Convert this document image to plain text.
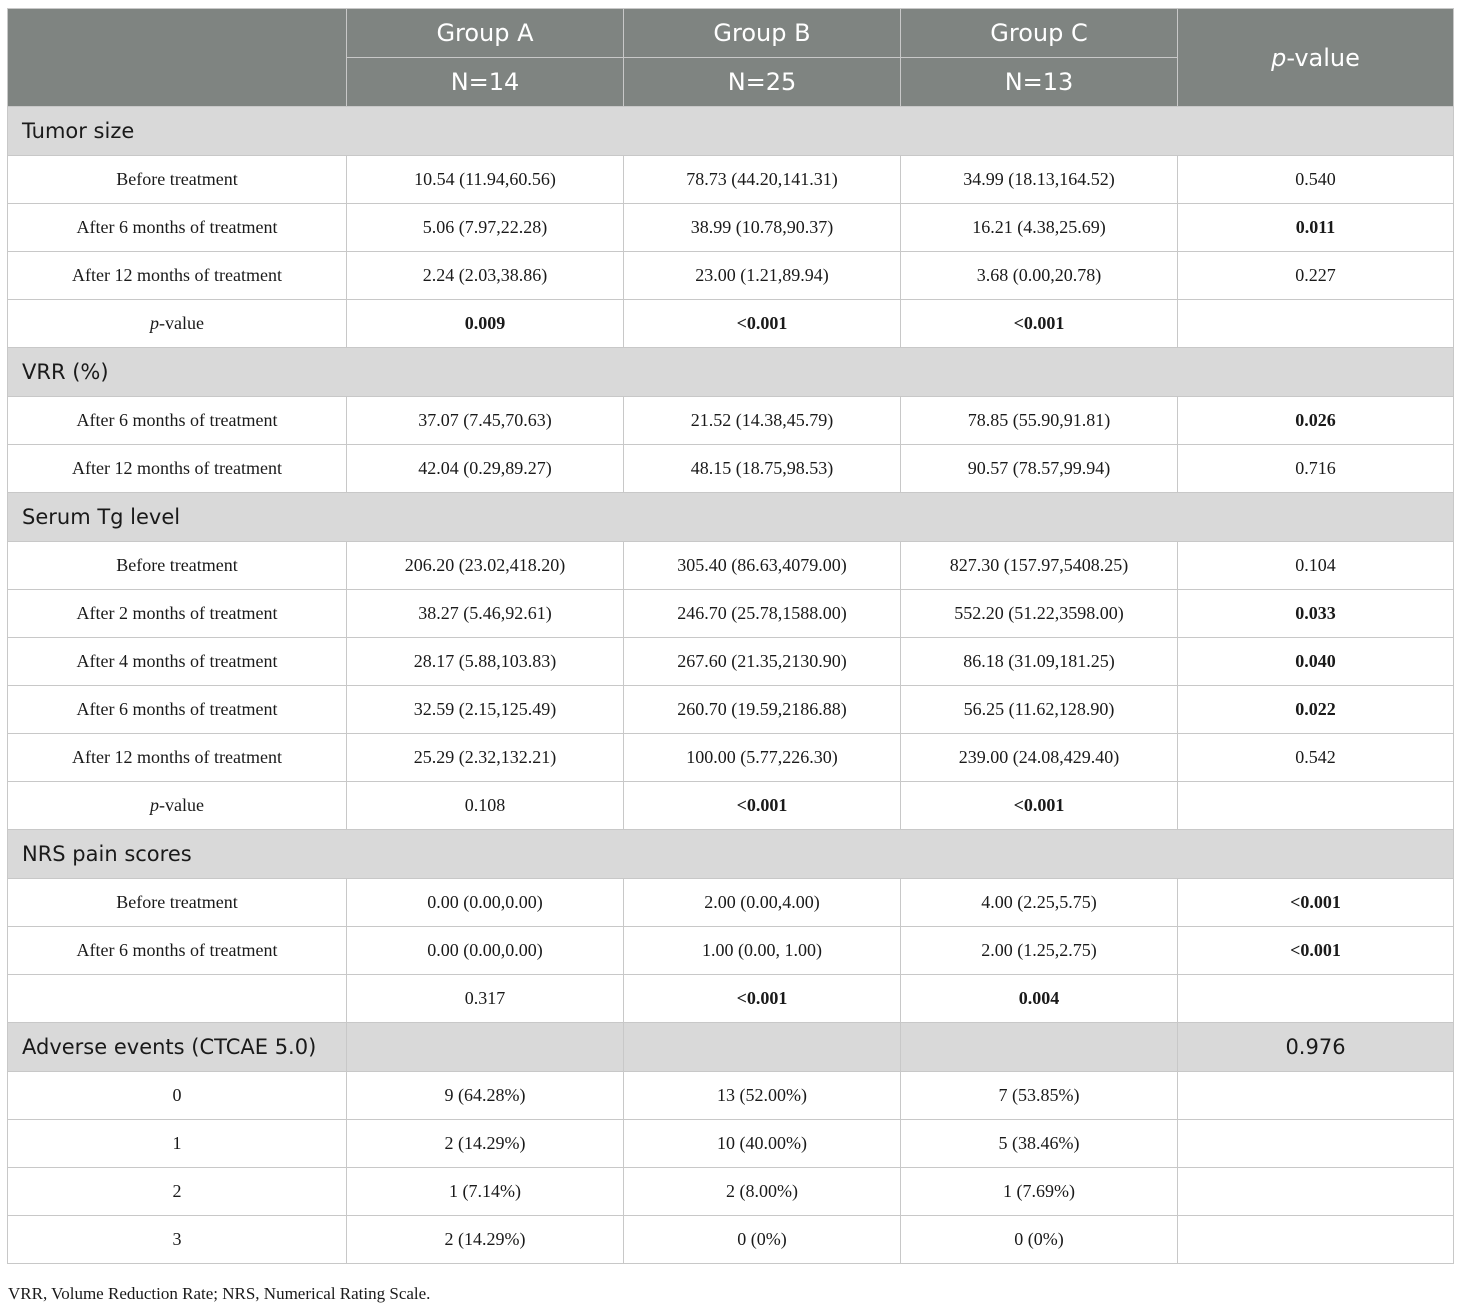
	Group A	Group B	Group C	p-value
	N=14	N=25	N=13	
Tumor size				
Before treatment	10.54 (11.94,60.56)	78.73 (44.20,141.31)	34.99 (18.13,164.52)	0.540
After 6 months of treatment	5.06 (7.97,22.28)	38.99 (10.78,90.37)	16.21 (4.38,25.69)	0.011
After 12 months of treatment	2.24 (2.03,38.86)	23.00 (1.21,89.94)	3.68 (0.00,20.78)	0.227
p-value	0.009	<0.001	<0.001	
VRR (%)				
After 6 months of treatment	37.07 (7.45,70.63)	21.52 (14.38,45.79)	78.85 (55.90,91.81)	0.026
After 12 months of treatment	42.04 (0.29,89.27)	48.15 (18.75,98.53)	90.57 (78.57,99.94)	0.716
Serum Tg level				
Before treatment	206.20 (23.02,418.20)	305.40 (86.63,4079.00)	827.30 (157.97,5408.25)	0.104
After 2 months of treatment	38.27 (5.46,92.61)	246.70 (25.78,1588.00)	552.20 (51.22,3598.00)	0.033
After 4 months of treatment	28.17 (5.88,103.83)	267.60 (21.35,2130.90)	86.18 (31.09,181.25)	0.040
After 6 months of treatment	32.59 (2.15,125.49)	260.70 (19.59,2186.88)	56.25 (11.62,128.90)	0.022
After 12 months of treatment	25.29 (2.32,132.21)	100.00 (5.77,226.30)	239.00 (24.08,429.40)	0.542
p-value	0.108	<0.001	<0.001	
NRS pain scores				
Before treatment	0.00 (0.00,0.00)	2.00 (0.00,4.00)	4.00 (2.25,5.75)	<0.001
After 6 months of treatment	0.00 (0.00,0.00)	1.00 (0.00, 1.00)	2.00 (1.25,2.75)	<0.001
	0.317	<0.001	0.004	
Adverse events (CTCAE 5.0)				0.976
0	9 (64.28%)	13 (52.00%)	7 (53.85%)	
1	2 (14.29%)	10 (40.00%)	5 (38.46%)	
2	1 (7.14%)	2 (8.00%)	1 (7.69%)	
3	2 (14.29%)	0 (0%)	0 (0%)	
VRR, Volume Reduction Rate; NRS, Numerical Rating Scale.
